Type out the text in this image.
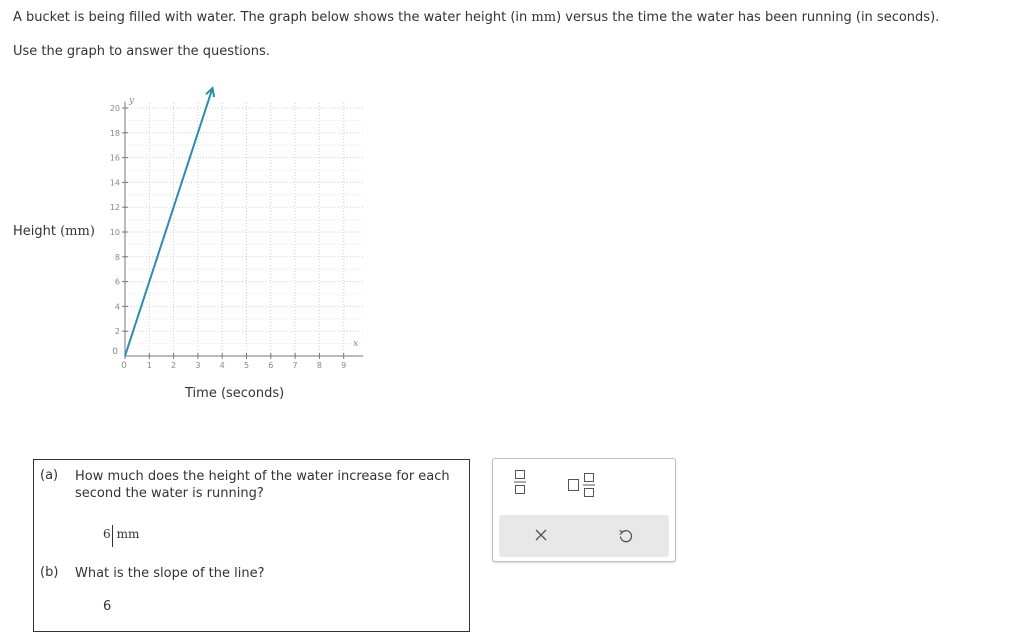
A bucket is being filled with water. The graph below shows the water height (in mm) versus the time the water has been running (in seconds).
Use the graph to answer the questions.
Height (mm)
0 1 2 3 4 5 6 7 8 9
0
2
4
6
8
10
12
14
16
18
20
x
y
Time (seconds)
(a) How much does the height of the water increase for each second the water is running?
6 mm
(b) What is the slope of the line?
6
